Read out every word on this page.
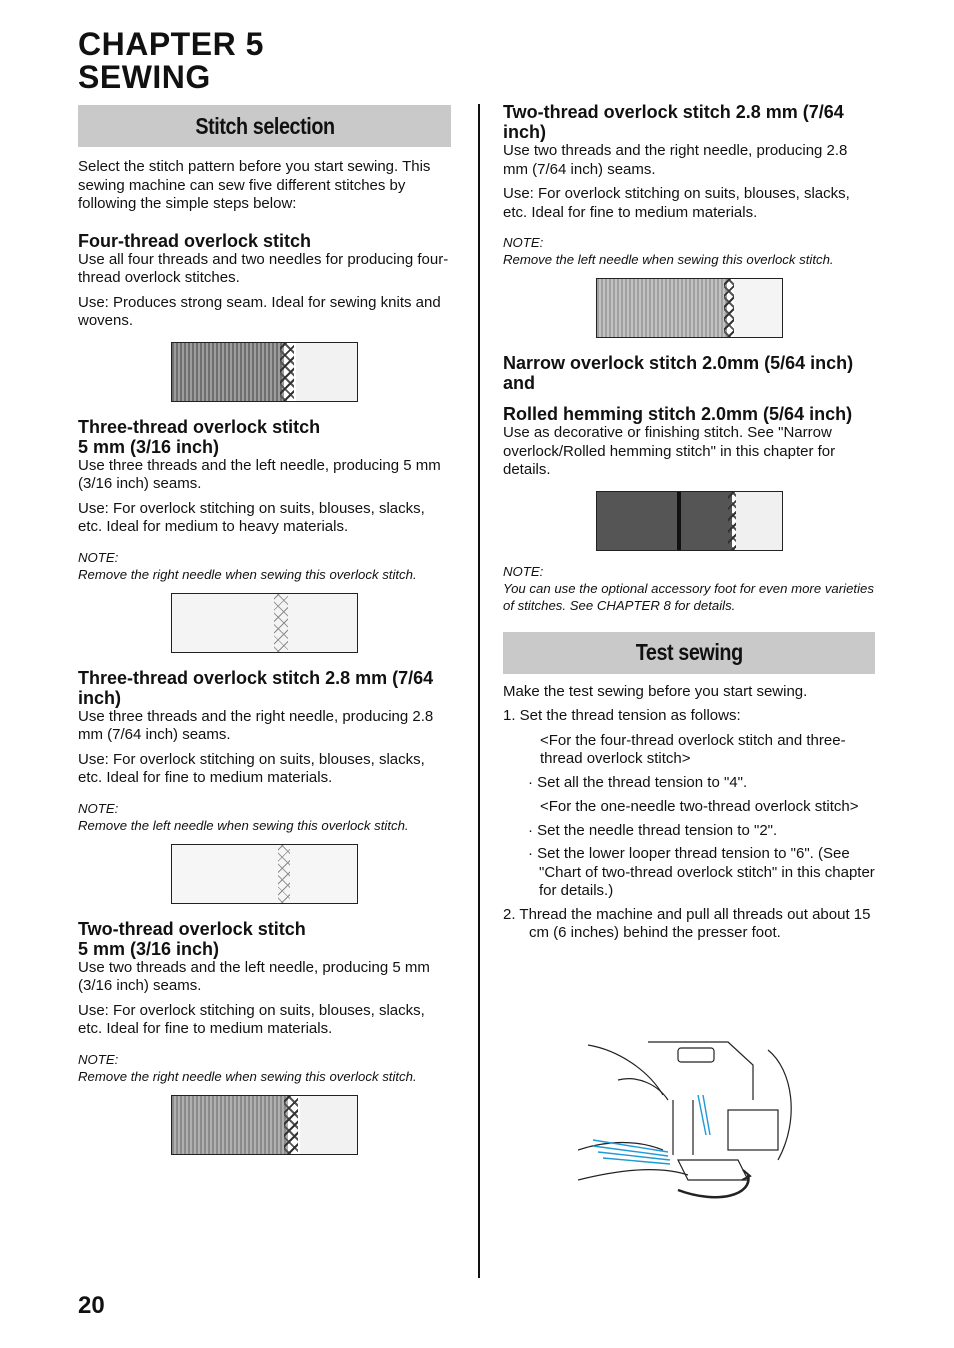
CHAPTER 5
SEWING
Stitch selection

Select the stitch pattern before you start sewing. This sewing machine can sew five different stitches by following the simple steps below:

Four-thread overlock stitch

Use all four threads and two needles for producing four-thread overlock stitches.

Use: Produces strong seam. Ideal for sewing knits and wovens.

Three-thread overlock stitch
5 mm (3/16 inch)

Use three threads and the left needle, producing 5 mm (3/16 inch) seams.

Use: For overlock stitching on suits, blouses, slacks, etc. Ideal for medium to heavy materials.

NOTE:
Remove the right needle when sewing this overlock stitch.
Three-thread overlock stitch 2.8 mm (7/64 inch)

Use three threads and the right needle, producing 2.8 mm (7/64 inch) seams.

Use: For overlock stitching on suits, blouses, slacks, etc. Ideal for fine to medium materials.

NOTE:
Remove the left needle when sewing this overlock stitch.
Two-thread overlock stitch
5 mm (3/16 inch)

Use two threads and the left needle, producing 5 mm (3/16 inch) seams.

Use: For overlock stitching on suits, blouses, slacks, etc. Ideal for fine to medium materials.

NOTE:
Remove the right needle when sewing this overlock stitch.
Two-thread overlock stitch 2.8 mm (7/64 inch)

Use two threads and the right needle, producing 2.8 mm (7/64 inch) seams.

Use: For overlock stitching on suits, blouses, slacks, etc. Ideal for fine to medium materials.

NOTE:
Remove the left needle when sewing this overlock stitch.
Narrow overlock stitch 2.0mm (5/64 inch) and
Rolled hemming stitch 2.0mm (5/64 inch)

Use as decorative or finishing stitch. See "Narrow overlock/Rolled hemming stitch" in this chapter for details.

NOTE:
You can use the optional accessory foot for even more varieties of stitches. See CHAPTER 8 for details.
Test sewing

Make the test sewing before you start sewing.

1. Set the thread tension as follows:
<For the four-thread overlock stitch and three-thread overlock stitch>
· Set all the thread tension to "4".
<For the one-needle two-thread overlock stitch>
· Set the needle thread tension to "2".
· Set the lower looper thread tension to "6". (See "Chart of two-thread overlock stitch" in this chapter for details.)
2. Thread the machine and pull all threads out about 15 cm (6 inches) behind the presser foot.
20
